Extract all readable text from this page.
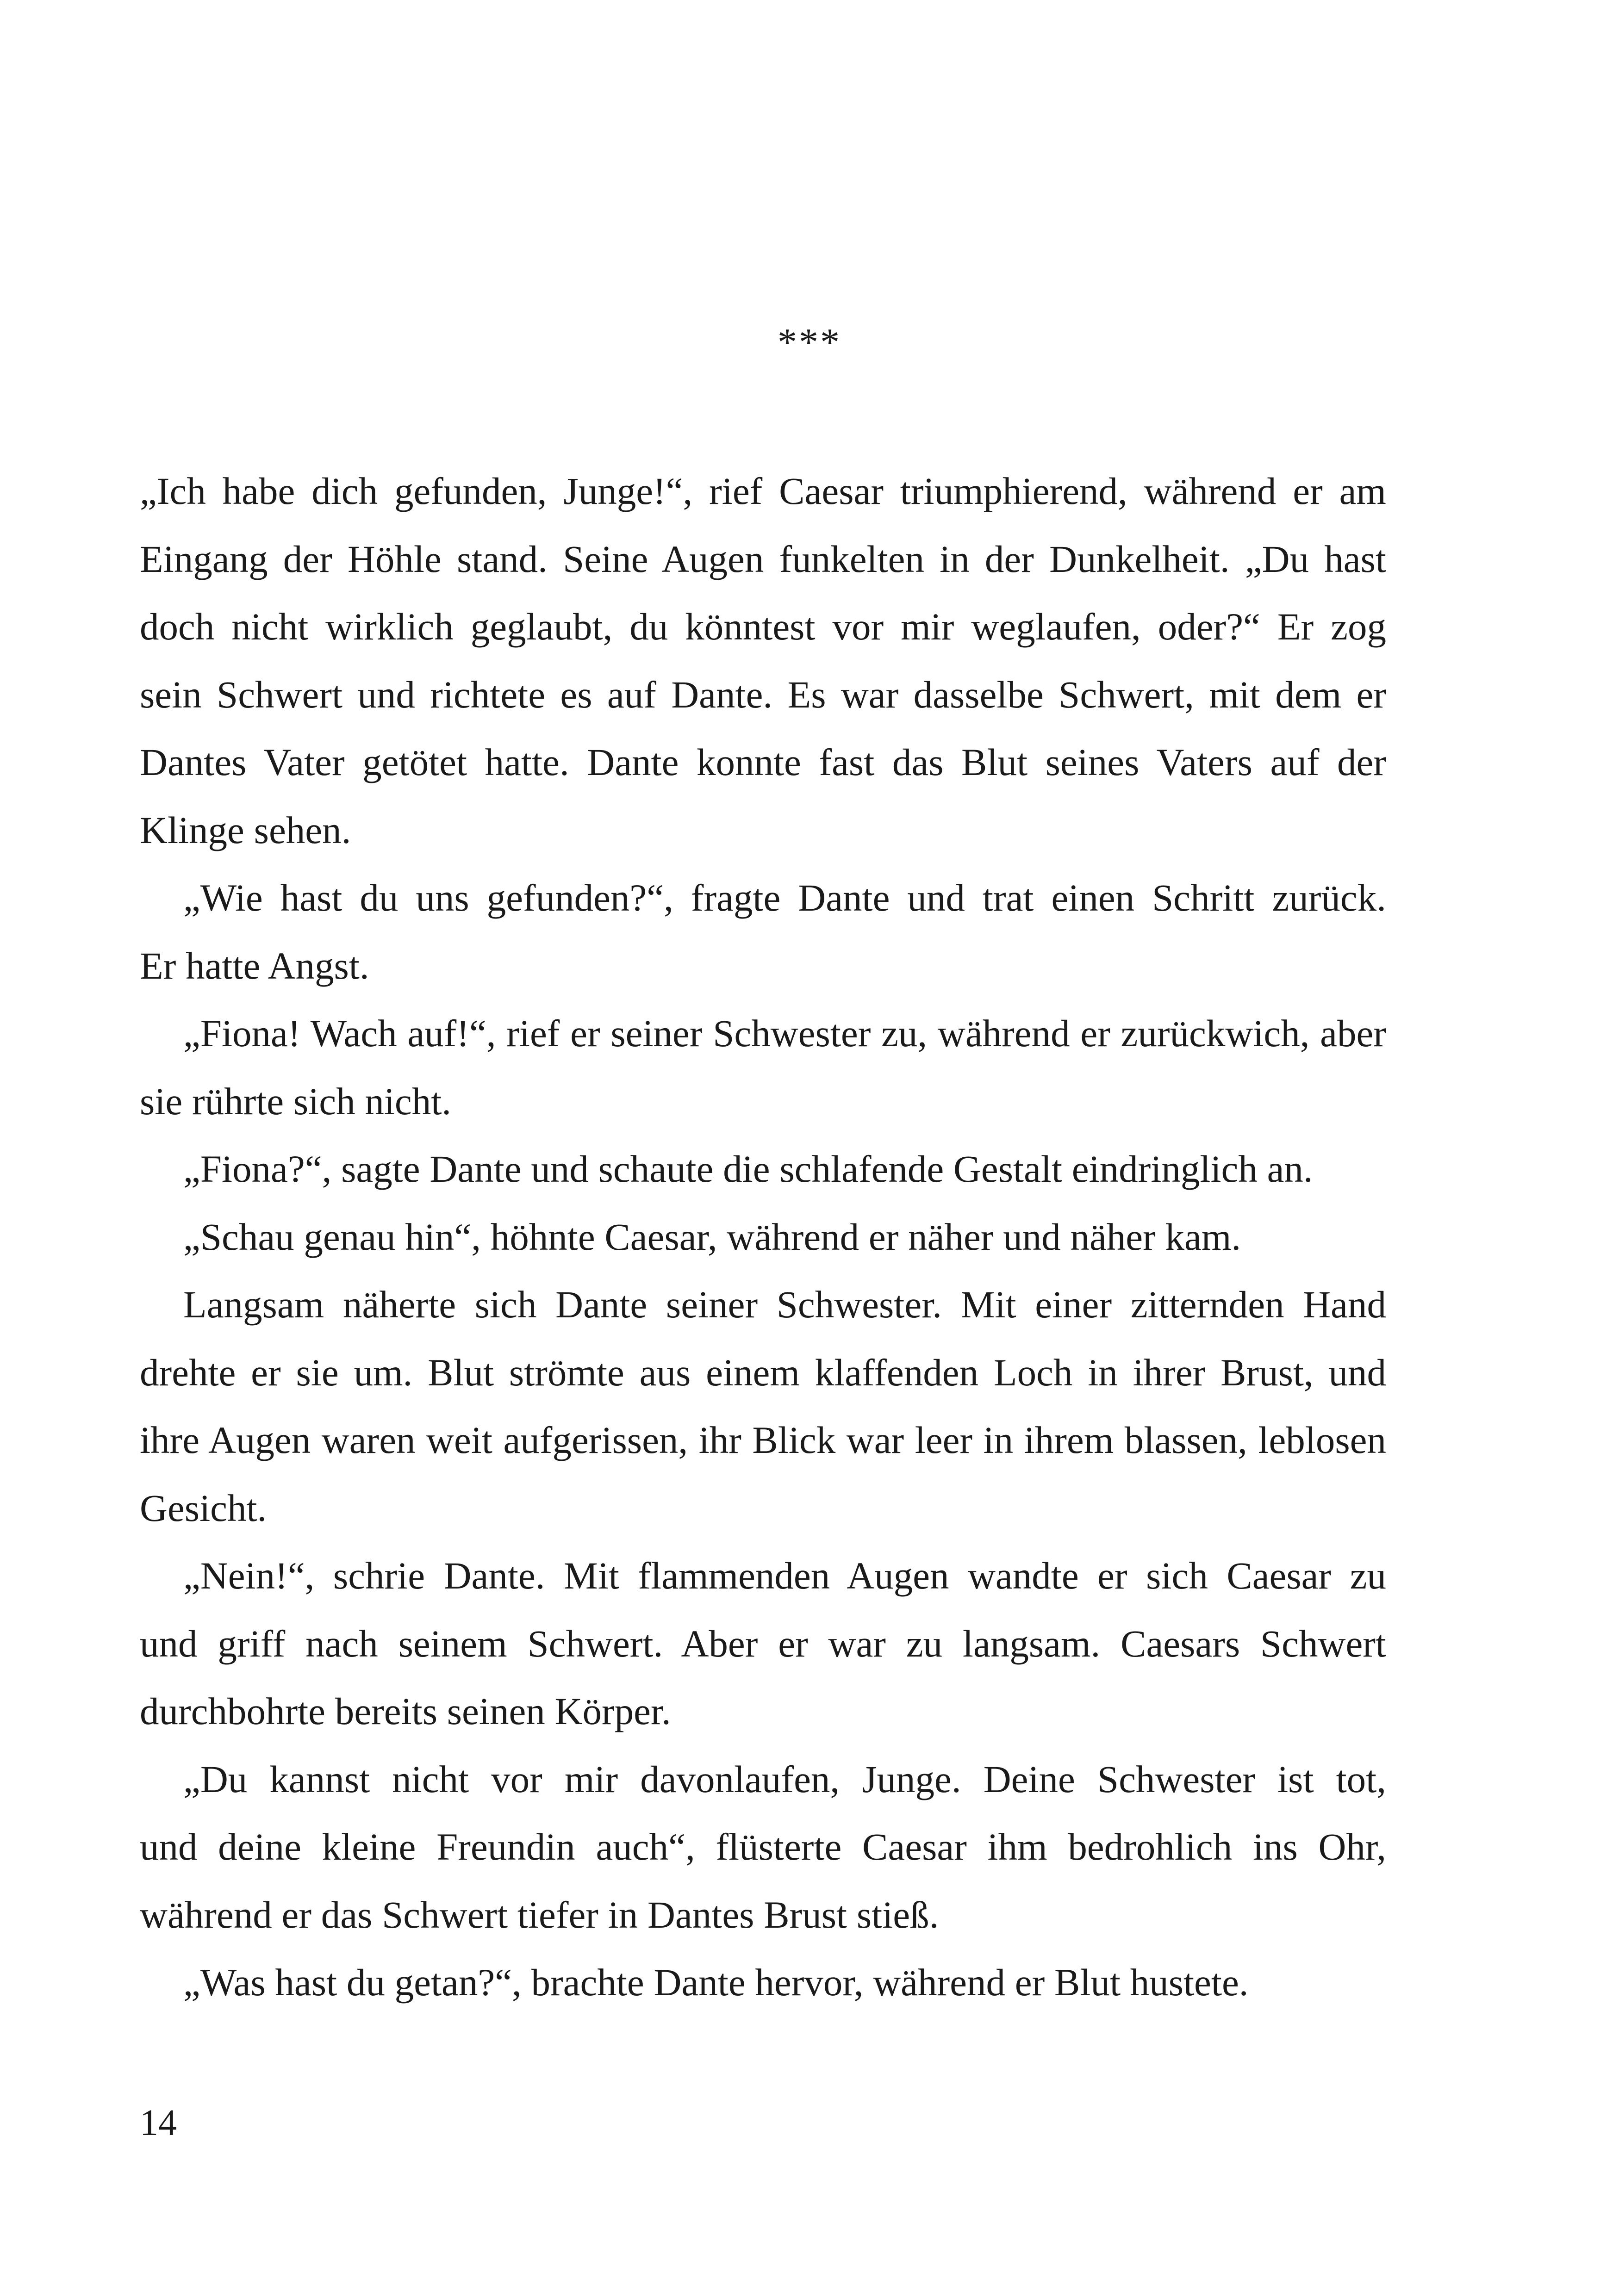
***

„Ich habe dich gefunden, Junge!“, rief Caesar triumphierend, während er am
Eingang der Höhle stand. Seine Augen funkelten in der Dunkelheit. „Du hast
doch nicht wirklich geglaubt, du könntest vor mir weglaufen, oder?“ Er zog
sein Schwert und richtete es auf Dante. Es war dasselbe Schwert, mit dem er
Dantes Vater getötet hatte. Dante konnte fast das Blut seines Vaters auf der
Klinge sehen.

„Wie hast du uns gefunden?“, fragte Dante und trat einen Schritt zurück.
Er hatte Angst.

„Fiona! Wach auf!“, rief er seiner Schwester zu, während er zurückwich, aber
sie rührte sich nicht.

„Fiona?“, sagte Dante und schaute die schlafende Gestalt eindringlich an.

„Schau genau hin“, höhnte Caesar, während er näher und näher kam.

Langsam näherte sich Dante seiner Schwester. Mit einer zitternden Hand
drehte er sie um. Blut strömte aus einem klaffenden Loch in ihrer Brust, und
ihre Augen waren weit aufgerissen, ihr Blick war leer in ihrem blassen, leblosen
Gesicht.

„Nein!“, schrie Dante. Mit flammenden Augen wandte er sich Caesar zu
und griff nach seinem Schwert. Aber er war zu langsam. Caesars Schwert
durchbohrte bereits seinen Körper.

„Du kannst nicht vor mir davonlaufen, Junge. Deine Schwester ist tot,
und deine kleine Freundin auch“, flüsterte Caesar ihm bedrohlich ins Ohr,
während er das Schwert tiefer in Dantes Brust stieß.

„Was hast du getan?“, brachte Dante hervor, während er Blut hustete.

14
